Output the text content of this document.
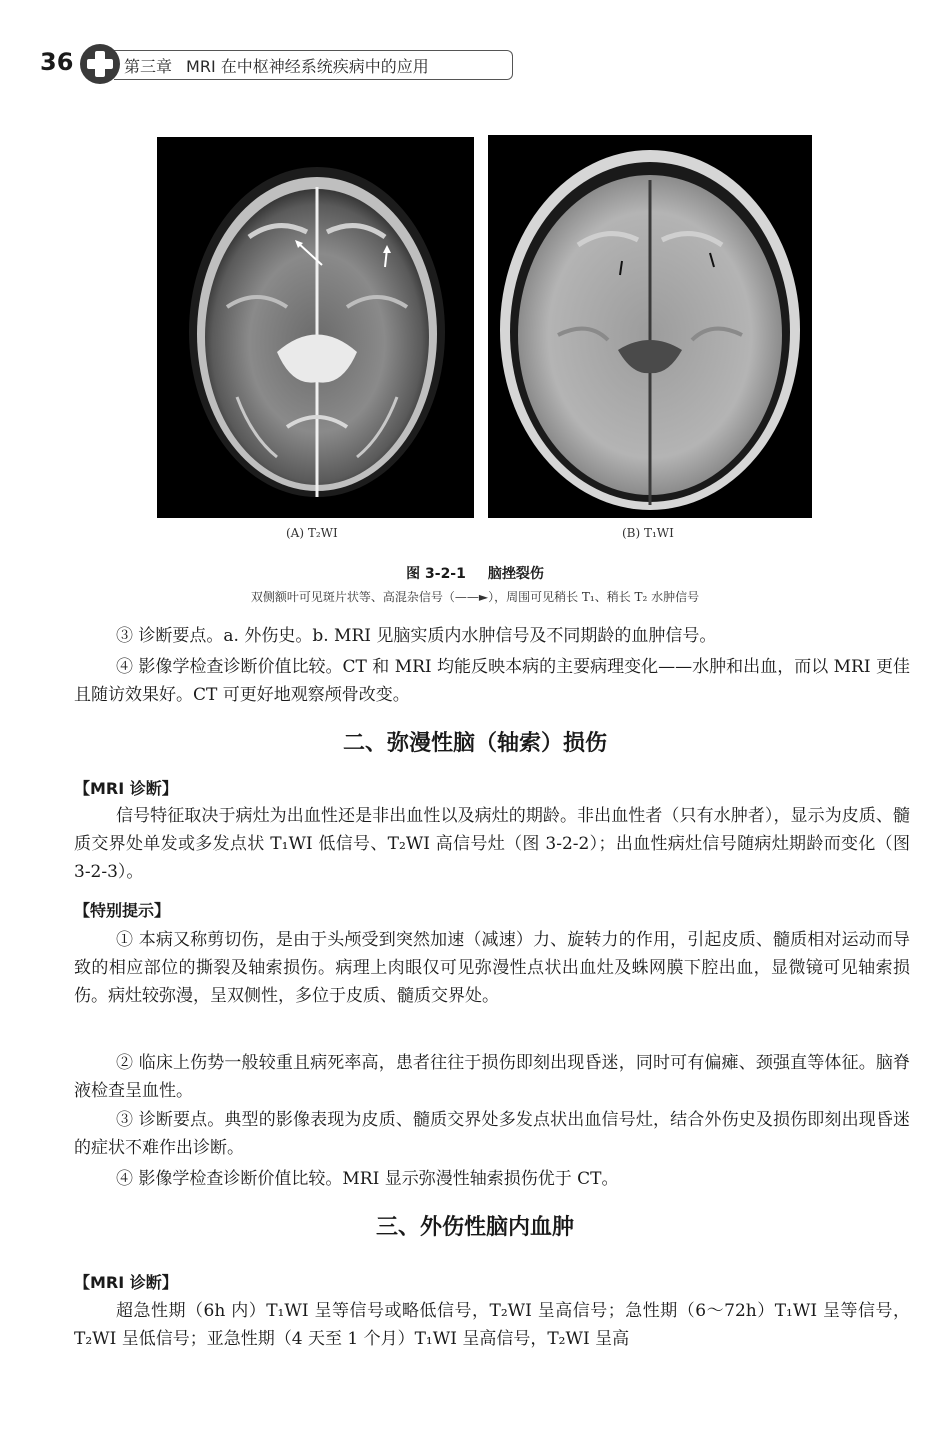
36	第三章 MRI 在中枢神经系统疾病中的应用
(A) T₂WI	(B) T₁WI
图 3-2-1 脑挫裂伤
双侧额叶可见斑片状等、高混杂信号（——►），周围可见稍长 T₁、稍长 T₂ 水肿信号

③ 诊断要点。a. 外伤史。b. MRI 见脑实质内水肿信号及不同期龄的血肿信号。

④ 影像学检查诊断价值比较。CT 和 MRI 均能反映本病的主要病理变化——水肿和出血，而以 MRI 更佳且随访效果好。CT 可更好地观察颅骨改变。

二、弥漫性脑（轴索）损伤
【MRI 诊断】

信号特征取决于病灶为出血性还是非出血性以及病灶的期龄。非出血性者（只有水肿者），显示为皮质、髓质交界处单发或多发点状 T₁WI 低信号、T₂WI 高信号灶（图 3-2-2）；出血性病灶信号随病灶期龄而变化（图 3-2-3）。

【特别提示】

① 本病又称剪切伤，是由于头颅受到突然加速（减速）力、旋转力的作用，引起皮质、髓质相对运动而导致的相应部位的撕裂及轴索损伤。病理上肉眼仅可见弥漫性点状出血灶及蛛网膜下腔出血，显微镜可见轴索损伤。病灶较弥漫，呈双侧性，多位于皮质、髓质交界处。

② 临床上伤势一般较重且病死率高，患者往往于损伤即刻出现昏迷，同时可有偏瘫、颈强直等体征。脑脊液检查呈血性。

③ 诊断要点。典型的影像表现为皮质、髓质交界处多发点状出血信号灶，结合外伤史及损伤即刻出现昏迷的症状不难作出诊断。

④ 影像学检查诊断价值比较。MRI 显示弥漫性轴索损伤优于 CT。

三、外伤性脑内血肿
【MRI 诊断】

超急性期（6h 内）T₁WI 呈等信号或略低信号，T₂WI 呈高信号；急性期（6～72h）T₁WI 呈等信号，T₂WI 呈低信号；亚急性期（4 天至 1 个月）T₁WI 呈高信号，T₂WI 呈高
